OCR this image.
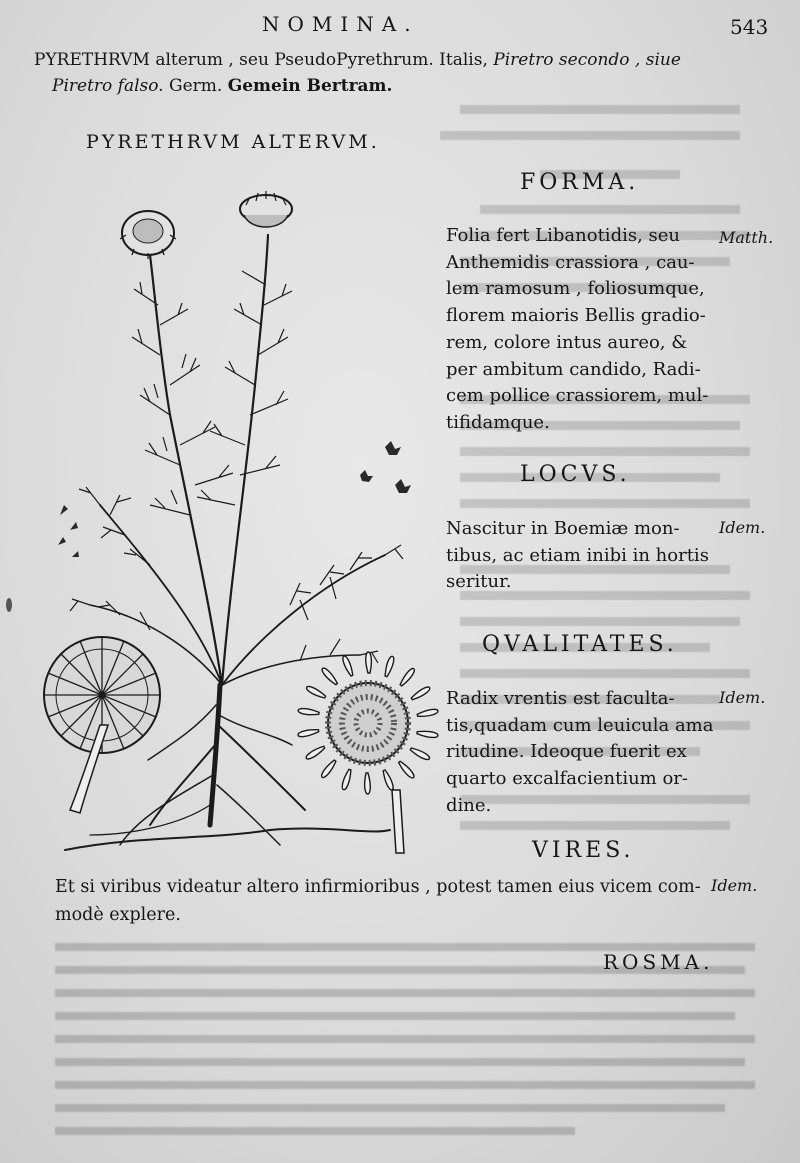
NOMINA.	543
PYRETHRVM alterum , seu PseudoPyrethrum. Italis, Piretro secondo , siue
Piretro falso. Germ. Gemein Bertram.
PYRETHRVM ALTERVM.
FORMA.
Folia fert Libanotidis, seu
Anthemidis crassiora , cau-
lem ramosum , foliosumque,
florem maioris Bellis gradio-
rem, colore intus aureo, &
per ambitum candido, Radi-
cem pollice crassiorem, mul-
tifidamque.
Matth.
LOCVS.
Nascitur in Boemiæ mon-
tibus, ac etiam inibi in hortis
seritur.
Idem.
QVALITATES.
Radix vrentis est faculta-
tis,quadam cum leuicula ama
ritudine. Ideoque fuerit ex
quarto excalfacientium or-
dine.
Idem.
VIRES.
Et si viribus videatur altero infirmioribus , potest tamen eius vicem com-
modè explere.
Idem.
ROSMA.
